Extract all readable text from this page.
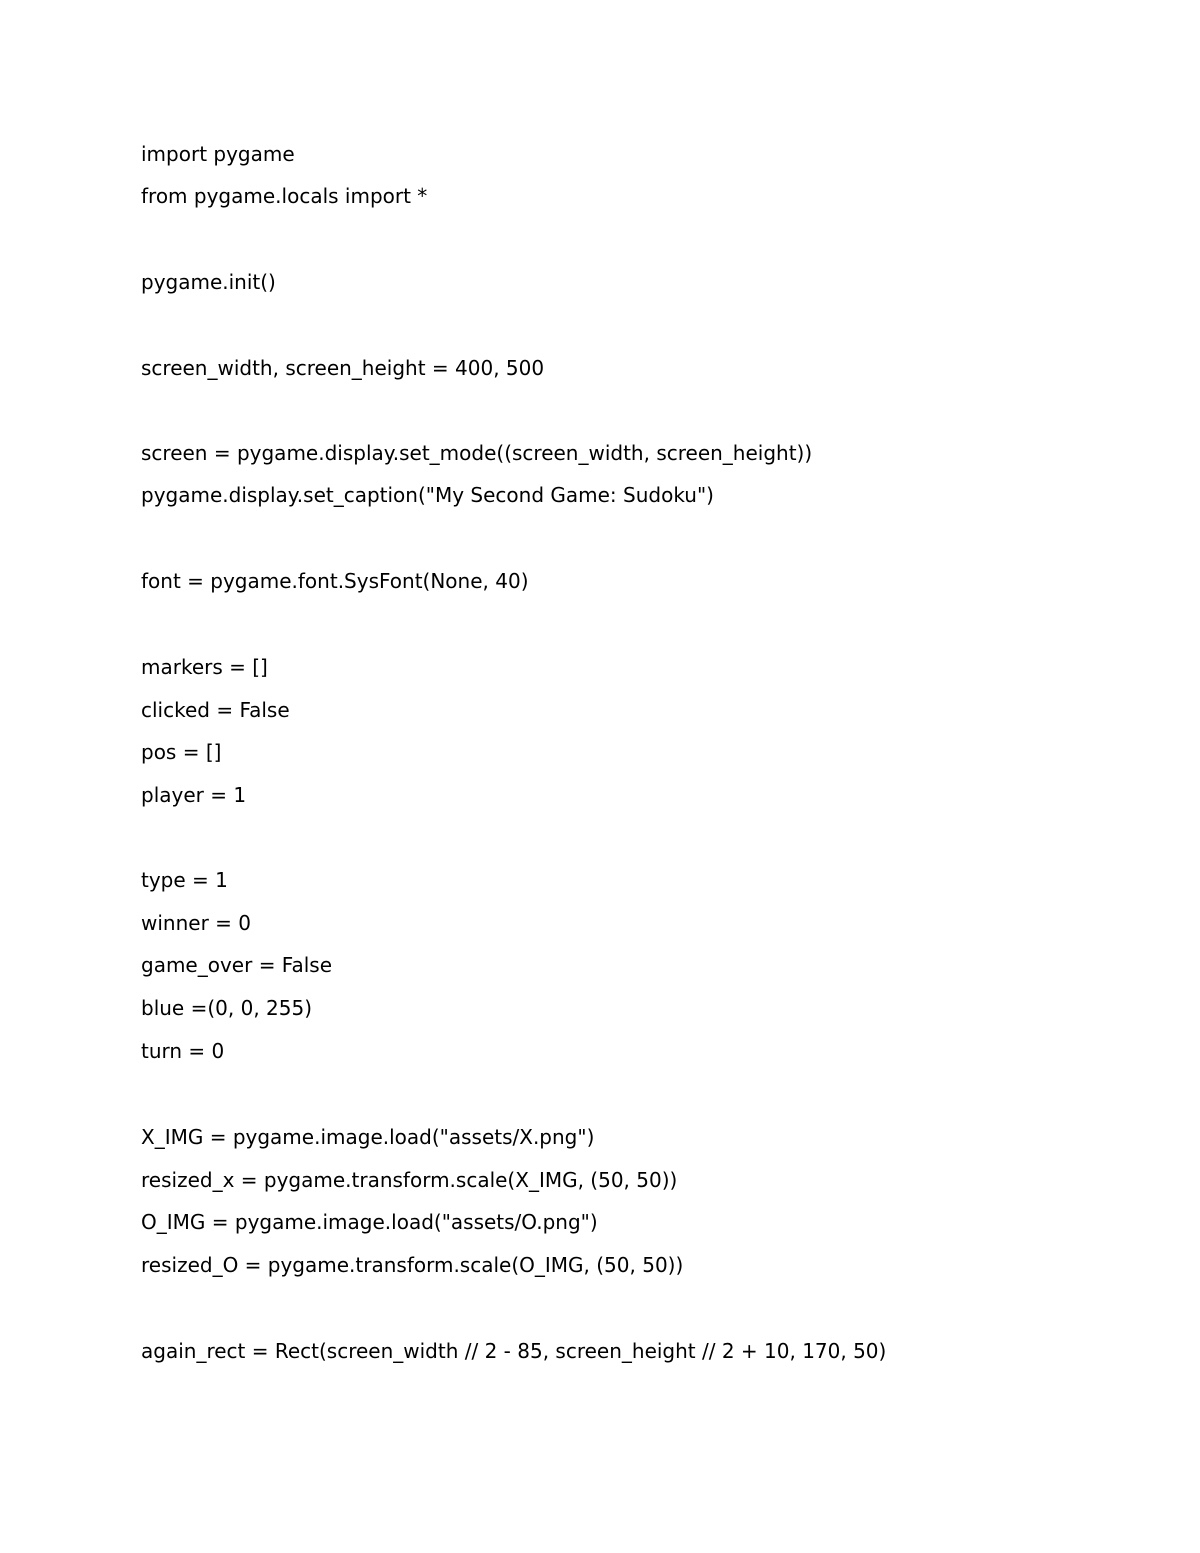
import pygame

from pygame.locals import *

pygame.init()

screen_width, screen_height = 400, 500

screen = pygame.display.set_mode((screen_width, screen_height))

pygame.display.set_caption("My Second Game: Sudoku")

font = pygame.font.SysFont(None, 40)

markers = []

clicked = False

pos = []

player = 1

type = 1

winner = 0

game_over = False

blue =(0, 0, 255)

turn = 0

X_IMG = pygame.image.load("assets/X.png")

resized_x = pygame.transform.scale(X_IMG, (50, 50))

O_IMG = pygame.image.load("assets/O.png")

resized_O = pygame.transform.scale(O_IMG, (50, 50))

again_rect = Rect(screen_width // 2 - 85, screen_height // 2 + 10, 170, 50)
